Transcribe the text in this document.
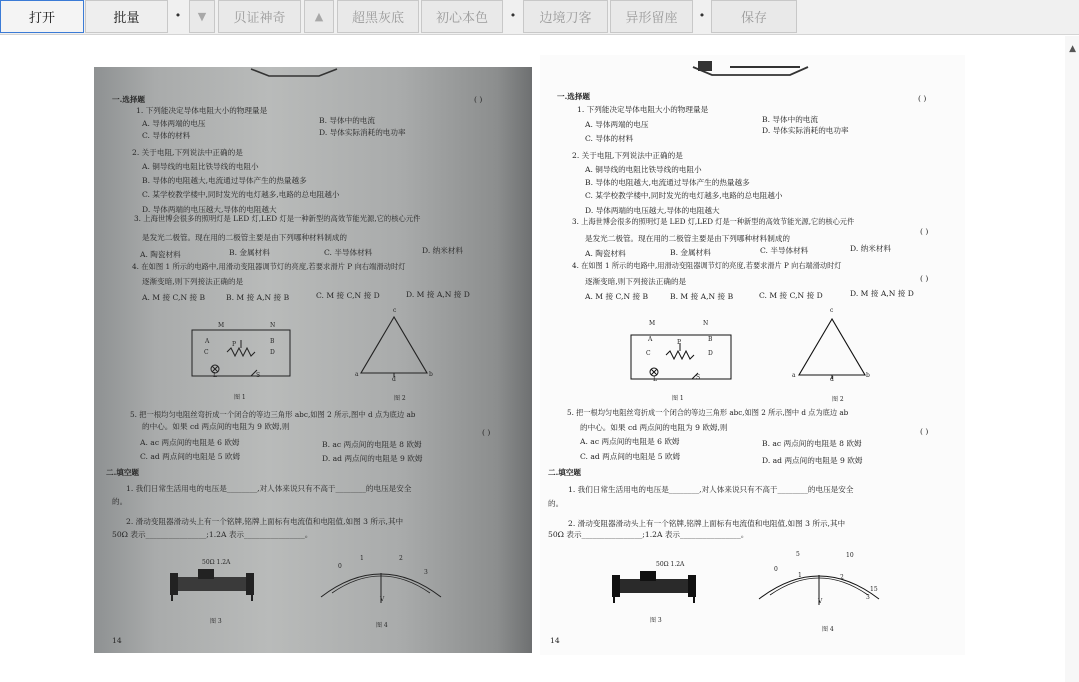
打开	批量	• ▼	贝证神奇	▲	超黑灰底	初心本色	•	边境刀客	异形留座	•	保存
▲
一.选择题	( )
1. 下列能决定导体电阻大小的物理量是
A. 导体两端的电压	B. 导体中的电流
C. 导体的材料	D. 导体实际消耗的电功率
2. 关于电阻,下列说法中正确的是
A. 铜导线的电阻比铁导线的电阻小
B. 导体的电阻越大,电流通过导体产生的热量越多
C. 某学校教学楼中,同时发光的电灯越多,电路的总电阻越小
D. 导体两端的电压越大,导体的电阻越大
3. 上海世博会很多的照明灯是 LED 灯,LED 灯是一种新型的高效节能光源,它的核心元件
是发光二极管。现在用的二极管主要是由下列哪种材料制成的
A. 陶瓷材料	B. 金属材料	C. 半导体材料	D. 纳米材料
4. 在如图 1 所示的电路中,用滑动变阻器调节灯的亮度,若要求滑片 P 向右端滑动时灯
逐渐变暗,则下列接法正确的是
A. M 接 C,N 接 B	B. M 接 A,N 接 B	C. M 接 C,N 接 D	D. M 接 A,N 接 D
M	N
A
C
B
D
P
L	S
图 1
c
a	b
d
图 2
5. 把一根均匀电阻丝弯折成一个闭合的等边三角形 abc,如图 2 所示,图中 d 点为底边 ab
的中心。如果 cd 两点间的电阻为 9 欧姆,则
( )
A. ac 两点间的电阻是 6 欧姆	B. ac 两点间的电阻是 8 欧姆
C. ad 两点间的电阻是 5 欧姆	D. ad 两点间的电阻是 9 欧姆
二.填空题
1. 我们日常生活用电的电压是________,对人体来说只有不高于________的电压是安全
的。
2. 滑动变阻器滑动头上有一个铭牌,铭牌上面标有电流值和电阻值,如图 3 所示,其中
50Ω 表示________________;1.2A 表示________________。
50Ω 1.2A
图 3
0
1	2
3
V
图 4
14
一.选择题	( )
1. 下列能决定导体电阻大小的物理量是
A. 导体两端的电压
B. 导体中的电流
C. 导体的材料
D. 导体实际消耗的电功率
2. 关于电阻,下列说法中正确的是
A. 铜导线的电阻比铁导线的电阻小
B. 导体的电阻越大,电流通过导体产生的热量越多
C. 某学校教学楼中,同时发光的电灯越多,电路的总电阻越小
D. 导体两端的电压越大,导体的电阻越大
3. 上海世博会很多的照明灯是 LED 灯,LED 灯是一种新型的高效节能光源,它的核心元件
是发光二极管。现在用的二极管主要是由下列哪种材料制成的
( )
A. 陶瓷材料	B. 金属材料	C. 半导体材料	D. 纳米材料
4. 在如图 1 所示的电路中,用滑动变阻器调节灯的亮度,若要求滑片 P 向右端滑动时灯
逐渐变暗,则下列接法正确的是	( )
A. M 接 C,N 接 B	B. M 接 A,N 接 B	C. M 接 C,N 接 D	D. M 接 A,N 接 D
M	N
A
C
B
D
P
L	S
图 1
c
a	b
d
图 2
5. 把一根均匀电阻丝弯折成一个闭合的等边三角形 abc,如图 2 所示,图中 d 点为底边 ab
的中心。如果 cd 两点间的电阻为 9 欧姆,则	( )
A. ac 两点间的电阻是 6 欧姆	B. ac 两点间的电阻是 8 欧姆
C. ad 两点间的电阻是 5 欧姆	D. ad 两点间的电阻是 9 欧姆
二.填空题
1. 我们日常生活用电的电压是________,对人体来说只有不高于________的电压是安全
的。
2. 滑动变阻器滑动头上有一个铭牌,铭牌上面标有电流值和电阻值,如图 3 所示,其中
50Ω 表示________________;1.2A 表示________________。
50Ω 1.2A
图 3
5	10
15
0
1	2
3
V
图 4
14
